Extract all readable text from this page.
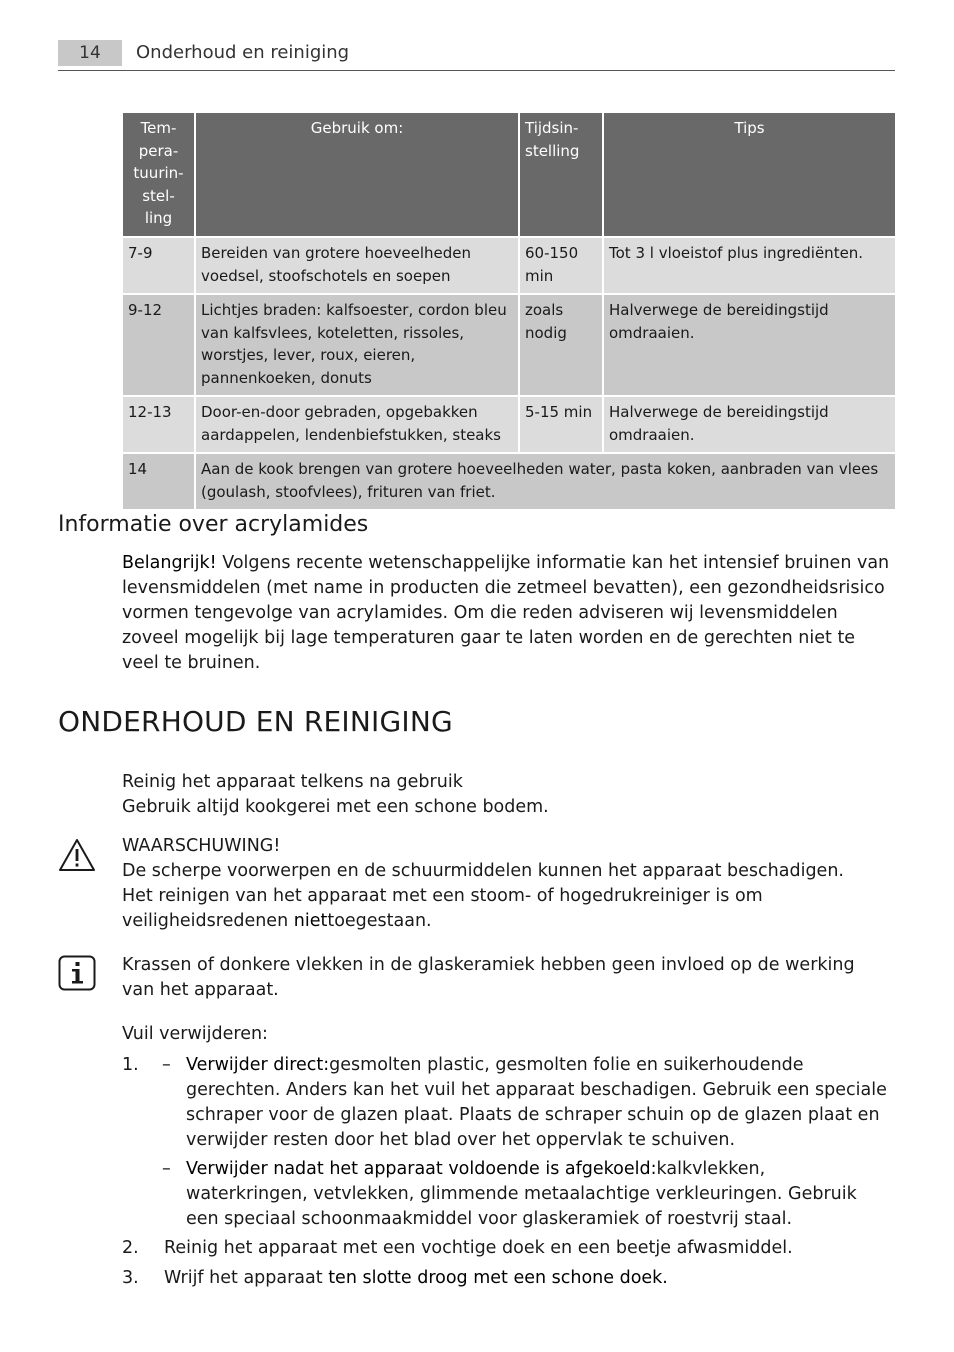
14	Onderhoud en reiniging
Tem-
pera-
tuurin-
stel-
ling	Gebruik om:	Tijdsin-
stelling	Tips
7-9	Bereiden van grotere hoeveelheden voedsel, stoofschotels en soepen	60-150 min	Tot 3 l vloeistof plus ingrediënten.
9-12	Lichtjes braden: kalfsoester, cordon bleu van kalfsvlees, koteletten, rissoles, worstjes, lever, roux, eieren, pannenkoeken, donuts	zoals nodig	Halverwege de bereidingstijd omdraaien.
12-13	Door-en-door gebraden, opgebakken aardappelen, lendenbiefstukken, steaks	5-15 min	Halverwege de bereidingstijd omdraaien.
14	Aan de kook brengen van grotere hoeveelheden water, pasta koken, aanbraden van vlees (goulash, stoofvlees), frituren van friet.		
Informatie over acrylamides
Belangrijk! Volgens recente wetenschappelijke informatie kan het intensief bruinen van levensmiddelen (met name in producten die zetmeel bevatten), een gezondheidsrisico vormen tengevolge van acrylamides. Om die reden adviseren wij levensmiddelen zoveel mogelijk bij lage temperaturen gaar te laten worden en de gerechten niet te veel te bruinen.
ONDERHOUD EN REINIGING
Reinig het apparaat telkens na gebruik
Gebruik altijd kookgerei met een schone bodem.
WAARSCHUWING!
De scherpe voorwerpen en de schuurmiddelen kunnen het apparaat beschadigen.
Het reinigen van het apparaat met een stoom- of hogedrukreiniger is om veiligheidsredenen niettoegestaan.
Krassen of donkere vlekken in de glaskeramiek hebben geen invloed op de werking van het apparaat.
Vuil verwijderen:
1. – Verwijder direct:gesmolten plastic, gesmolten folie en suikerhoudende gerechten. Anders kan het vuil het apparaat beschadigen. Gebruik een speciale schraper voor de glazen plaat. Plaats de schraper schuin op de glazen plaat en verwijder resten door het blad over het oppervlak te schuiven.
– Verwijder nadat het apparaat voldoende is afgekoeld:kalkvlekken, waterkringen, vetvlekken, glimmende metaalachtige verkleuringen. Gebruik een speciaal schoonmaakmiddel voor glaskeramiek of roestvrij staal.
2. Reinig het apparaat met een vochtige doek en een beetje afwasmiddel.
3. Wrijf het apparaat ten slotte droog met een schone doek.
